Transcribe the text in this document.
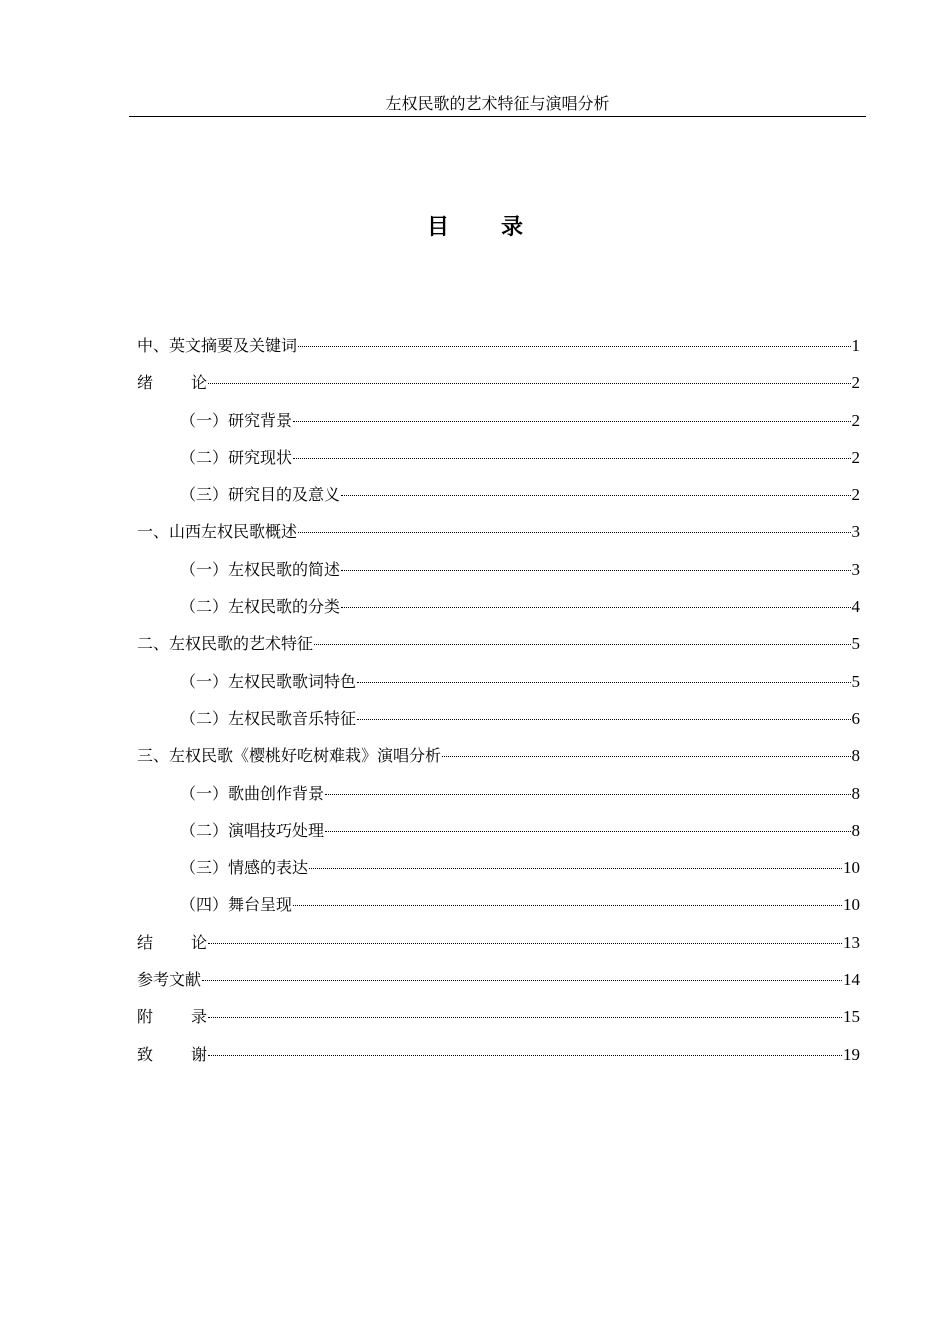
左权民歌的艺术特征与演唱分析
目 录
中、英文摘要及关键词	1
绪 论	2
（一）研究背景	2
（二）研究现状	2
（三）研究目的及意义	2
一、山西左权民歌概述	3
（一）左权民歌的简述	3
（二）左权民歌的分类	4
二、左权民歌的艺术特征	5
（一）左权民歌歌词特色	5
（二）左权民歌音乐特征	6
三、左权民歌《樱桃好吃树难栽》演唱分析	8
（一）歌曲创作背景	8
（二）演唱技巧处理	8
（三）情感的表达	10
（四）舞台呈现	10
结 论	13
参考文献	14
附 录	15
致 谢	19
